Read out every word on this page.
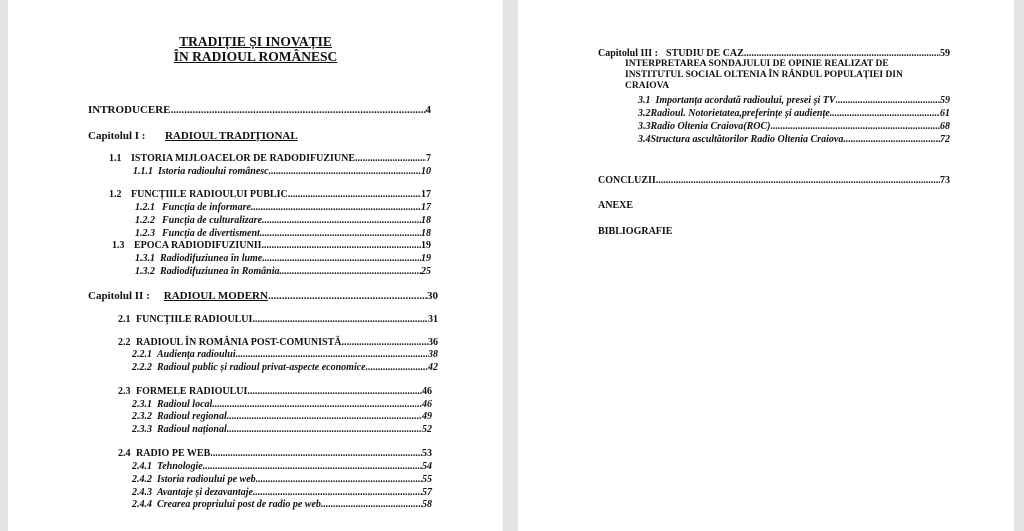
TRADIȚIE ȘI INOVAȚIE
ÎN RADIOUL ROMÂNESC
INTRODUCERE .....	4
Capitolul I : RADIOUL TRADIȚIONAL
1.1 ISTORIA MIJLOACELOR DE RADODIFUZIUNE .....	7
1.1.1 Istoria radioului românesc .....	10
1.2 FUNCȚIILE RADIOULUI PUBLIC .....	17
1.2.1 Funcția de informare .....	17
1.2.2 Funcția de culturalizare .....	18
1.2.3 Funcția de divertisment .....	18
1.3 EPOCA RADIODIFUZIUNII .....	19
1.3.1 Radiodifuziunea în lume .....	19
1.3.2 Radiodifuziunea în România .....	25
Capitolul II : RADIOUL MODERN .....	30
2.1 FUNCȚIILE RADIOULUI .....	31
2.2 RADIOUL ÎN ROMÂNIA POST-COMUNISTĂ .....	36
2.2.1 Audiența radioului .....	38
2.2.2 Radioul public și radioul privat-aspecte economice .....	42
2.3 FORMELE RADIOULUI .....	46
2.3.1 Radioul local .....	46
2.3.2 Radioul regional .....	49
2.3.3 Radioul național .....	52
2.4 RADIO PE WEB .....	53
2.4.1 Tehnologie .....	54
2.4.2 Istoria radioului pe web .....	55
2.4.3 Avantaje și dezavantaje .....	57
2.4.4 Crearea propriului post de radio pe web .....	58
Capitolul III : STUDIU DE CAZ .....	59
INTERPRETAREA SONDAJULUI DE OPINIE REALIZAT DE
INSTITUTUL SOCIAL OLTENIA ÎN RÂNDUL POPULAȚIEI DIN
CRAIOVA
3.1 Importanța acordată radioului, presei și TV .....	59
3.2 Radioul. Notorietatea,preferințe și audiențe .....	61
3.3 Radio Oltenia Craiova(ROC) .....	68
3.4 Structura ascultătorilor Radio Oltenia Craiova .....	72
CONCLUZII .....	73
ANEXE
BIBLIOGRAFIE
